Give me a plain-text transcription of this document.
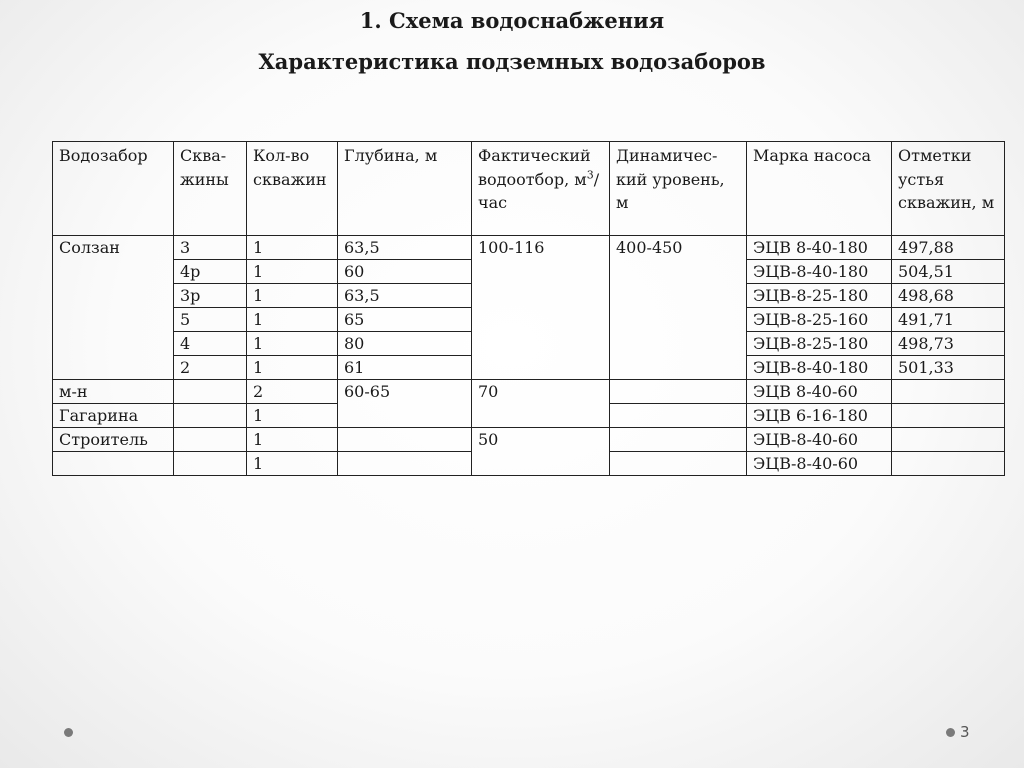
1. Схема водоснабжения
Характеристика подземных водозаборов
Водозабор	Сква-жины	Кол-во скважин	Глубина, м	Фактический водоотбор, $м^3$/час	Динамичес-кий уровень, м	Марка насоса	Отметки устья скважин, м
Солзан	3	1	63,5	100-116	400-450	ЭЦВ 8-40-180	497,88
	4р	1	60			ЭЦВ-8-40-180	504,51
	3р	1	63,5			ЭЦВ-8-25-180	498,68
	5	1	65			ЭЦВ-8-25-160	491,71
	4	1	80			ЭЦВ-8-25-180	498,73
	2	1	61			ЭЦВ-8-40-180	501,33
м-н		2	60-65	70		ЭЦВ 8-40-60	
Гагарина		1				ЭЦВ 6-16-180	
Строитель		1		50		ЭЦВ-8-40-60	
		1				ЭЦВ-8-40-60	
3
